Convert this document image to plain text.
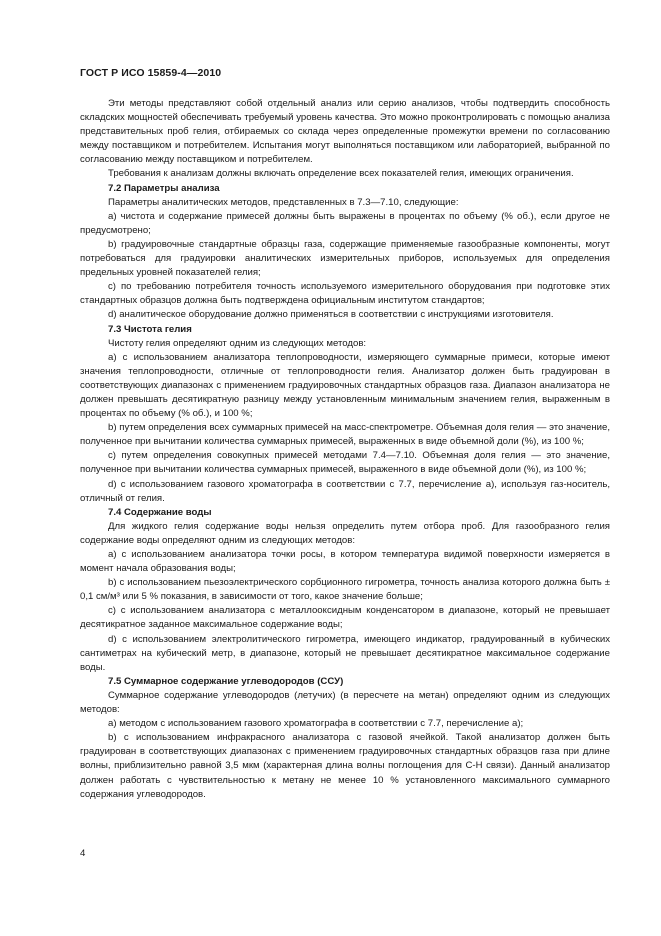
ГОСТ Р ИСО 15859-4—2010

Эти методы представляют собой отдельный анализ или серию анализов, чтобы подтвердить способность складских мощностей обеспечивать требуемый уровень качества. Это можно проконтролировать с помощью анализа представительных проб гелия, отбираемых со склада через определенные промежутки времени по согласованию между поставщиком и потребителем. Испытания могут выполняться поставщиком или лабораторией, выбранной по согласованию между поставщиком и потребителем.

Требования к анализам должны включать определение всех показателей гелия, имеющих ограничения.

7.2 Параметры анализа

Параметры аналитических методов, представленных в 7.3—7.10, следующие:

a) чистота и содержание примесей должны быть выражены в процентах по объему (% об.), если другое не предусмотрено;

b) градуировочные стандартные образцы газа, содержащие применяемые газообразные компоненты, могут потребоваться для градуировки аналитических измерительных приборов, используемых для определения предельных уровней показателей гелия;

c) по требованию потребителя точность используемого измерительного оборудования при подготовке этих стандартных образцов должна быть подтверждена официальным институтом стандартов;

d) аналитическое оборудование должно применяться в соответствии с инструкциями изготовителя.

7.3 Чистота гелия

Чистоту гелия определяют одним из следующих методов:

a) с использованием анализатора теплопроводности, измеряющего суммарные примеси, которые имеют значения теплопроводности, отличные от теплопроводности гелия. Анализатор должен быть градуирован в соответствующих диапазонах с применением градуировочных стандартных образцов газа. Диапазон анализатора не должен превышать десятикратную разницу между установленным минимальным значением гелия, выраженным в процентах по объему (% об.), и 100 %;

b) путем определения всех суммарных примесей на масс-спектрометре. Объемная доля гелия — это значение, полученное при вычитании количества суммарных примесей, выраженных в виде объемной доли (%), из 100 %;

c) путем определения совокупных примесей методами 7.4—7.10. Объемная доля гелия — это значение, полученное при вычитании количества суммарных примесей, выраженного в виде объемной доли (%), из 100 %;

d) с использованием газового хроматографа в соответствии с 7.7, перечисление a), используя газ-носитель, отличный от гелия.

7.4 Содержание воды

Для жидкого гелия содержание воды нельзя определить путем отбора проб. Для газообразного гелия содержание воды определяют одним из следующих методов:

a) с использованием анализатора точки росы, в котором температура видимой поверхности измеряется в момент начала образования воды;

b) с использованием пьезоэлектрического сорбционного гигрометра, точность анализа которого должна быть ± 0,1 см/м³ или 5 % показания, в зависимости от того, какое значение больше;

c) с использованием анализатора с металлооксидным конденсатором в диапазоне, который не превышает десятикратное заданное максимальное содержание воды;

d) с использованием электролитического гигрометра, имеющего индикатор, градуированный в кубических сантиметрах на кубический метр, в диапазоне, который не превышает десятикратное максимальное содержание воды.

7.5 Суммарное содержание углеводородов (ССУ)

Суммарное содержание углеводородов (летучих) (в пересчете на метан) определяют одним из следующих методов:

a) методом с использованием газового хроматографа в соответствии с 7.7, перечисление a);

b) с использованием инфракрасного анализатора с газовой ячейкой. Такой анализатор должен быть градуирован в соответствующих диапазонах с применением градуировочных стандартных образцов газа при длине волны, приблизительно равной 3,5 мкм (характерная длина волны поглощения для С-Н связи). Данный анализатор должен работать с чувствительностью к метану не менее 10 % установленного максимального суммарного содержания углеводородов.

4
